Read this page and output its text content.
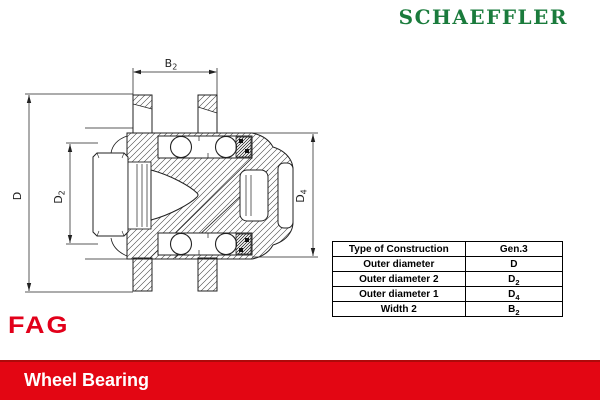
SCHAEFFLER
$B_2$
D	$D_2$
$D_4$
Type of Construction	Gen.3
Outer diameter	D
Outer diameter 2	$D_2$
Outer diameter 1	$D_4$
Width 2	$B_2$
FAG
Wheel Bearing
